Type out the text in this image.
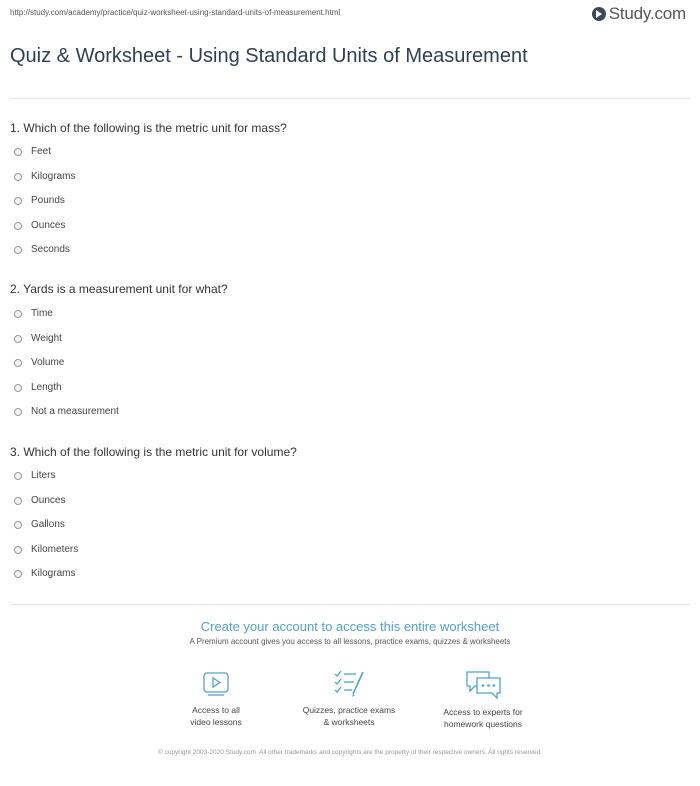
http://study.com/academy/practice/quiz-worksheet-using-standard-units-of-measurement.html	Study.com
Quiz & Worksheet - Using Standard Units of Measurement
1. Which of the following is the metric unit for mass?
Feet
Kilograms
Pounds
Ounces
Seconds
2. Yards is a measurement unit for what?
Time
Weight
Volume
Length
Not a measurement
3. Which of the following is the metric unit for volume?
Liters
Ounces
Gallons
Kilometers
Kilograms
Create your account to access this entire worksheet
A Premium account gives you access to all lessons, practice exams, quizzes & worksheets
Access to all
video lessons
Quizzes, practice exams
& worksheets
Access to experts for
homework questions
© copyright 2003-2020 Study.com. All other trademarks and copyrights are the property of their respective owners. All rights reserved.
